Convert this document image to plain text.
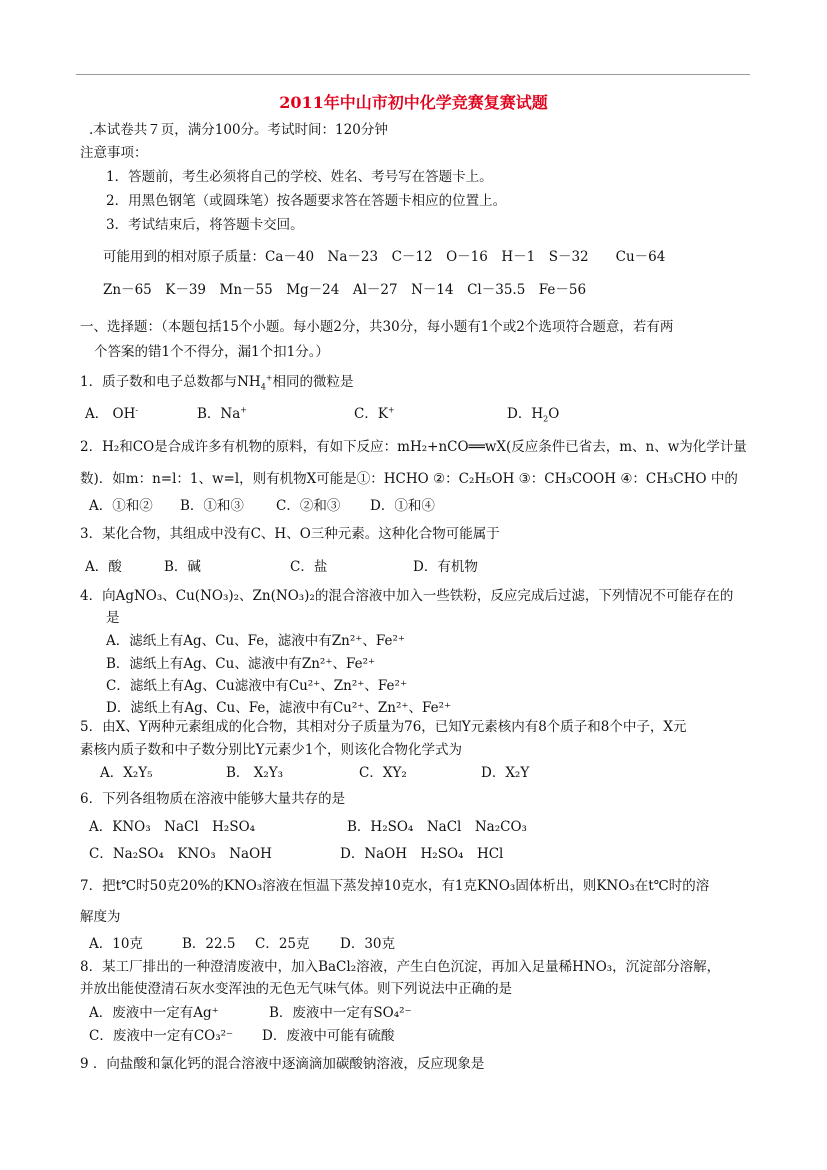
2011年中山市初中化学竞赛复赛试题
.本试卷共７页，满分100分。考试时间：120分钟
注意事项：
1．答题前，考生必须将自己的学校、姓名、考号写在答题卡上。
2．用黑色钢笔（或圆珠笔）按各题要求答在答题卡相应的位置上。
3．考试结束后，将答题卡交回。
可能用到的相对原子质量：Ca－40　Na－23　C－12　O－16　H－1　S－32　　Cu－64
Zn－65　K－39　Mn－55　Mg－24　Al－27　N－14　Cl－35.5　Fe－56
一、选择题：（本题包括15个小题。每小题2分，共30分，每小题有1个或2个选项符合题意，若有两
个答案的错1个不得分，漏1个扣1分。）
1．质子数和电子总数都与$NH_4^+$相同的微粒是
A． OH-	B．Na+	C．K+	D．$H_2O$
2．H₂和CO是合成许多有机物的原料，有如下反应：mH₂+nCO══wX(反应条件已省去，m、n、w为化学计量
数)．如m：n=l：1、w=l，则有机物X可能是①：HCHO ②：C₂H₅OH ③：CH₃COOH ④：CH₃CHO 中的
A．①和② B．①和③ C．②和③ D．①和④
3．某化合物，其组成中没有C、H、O三种元素。这种化合物可能属于
A．酸	B．碱	C．盐	D．有机物
4．向AgNO₃、Cu(NO₃)₂、Zn(NO₃)₂的混合溶液中加入一些铁粉，反应完成后过滤，下列情况不可能存在的
是
A．滤纸上有Ag、Cu、Fe，滤液中有Zn²⁺、Fe²⁺
B．滤纸上有Ag、Cu、滤液中有Zn²⁺、Fe²⁺
C．滤纸上有Ag、Cu滤液中有Cu²⁺、Zn²⁺、Fe²⁺
D．滤纸上有Ag、Cu、Fe，滤液中有Cu²⁺、Zn²⁺、Fe²⁺
5．由X、Y两种元素组成的化合物，其相对分子质量为76，已知Y元素核内有8个质子和8个中子，X元
素核内质子数和中子数分别比Y元素少1个，则该化合物化学式为
A．X₂Y₅	B． X₂Y₃	C．XY₂	D．X₂Y
6．下列各组物质在溶液中能够大量共存的是
A．KNO₃　NaCl　H₂SO₄	B．H₂SO₄　NaCl　Na₂CO₃
C．Na₂SO₄　KNO₃　NaOH	D．NaOH　H₂SO₄　HCl
7．把t℃时50克20%的KNO₃溶液在恒温下蒸发掉10克水，有1克KNO₃固体析出，则KNO₃在t℃时的溶
解度为
A．10克	B．22.5 C．25克 D．30克
8．某工厂排出的一种澄清废液中，加入BaCl₂溶液，产生白色沉淀，再加入足量稀HNO₃，沉淀部分溶解，
并放出能使澄清石灰水变浑浊的无色无气味气体。则下列说法中正确的是
A．废液中一定有Ag⁺	B．废液中一定有SO₄²⁻
C．废液中一定有CO₃²⁻ D．废液中可能有硫酸
9 ．向盐酸和氯化钙的混合溶液中逐滴滴加碳酸钠溶液，反应现象是
